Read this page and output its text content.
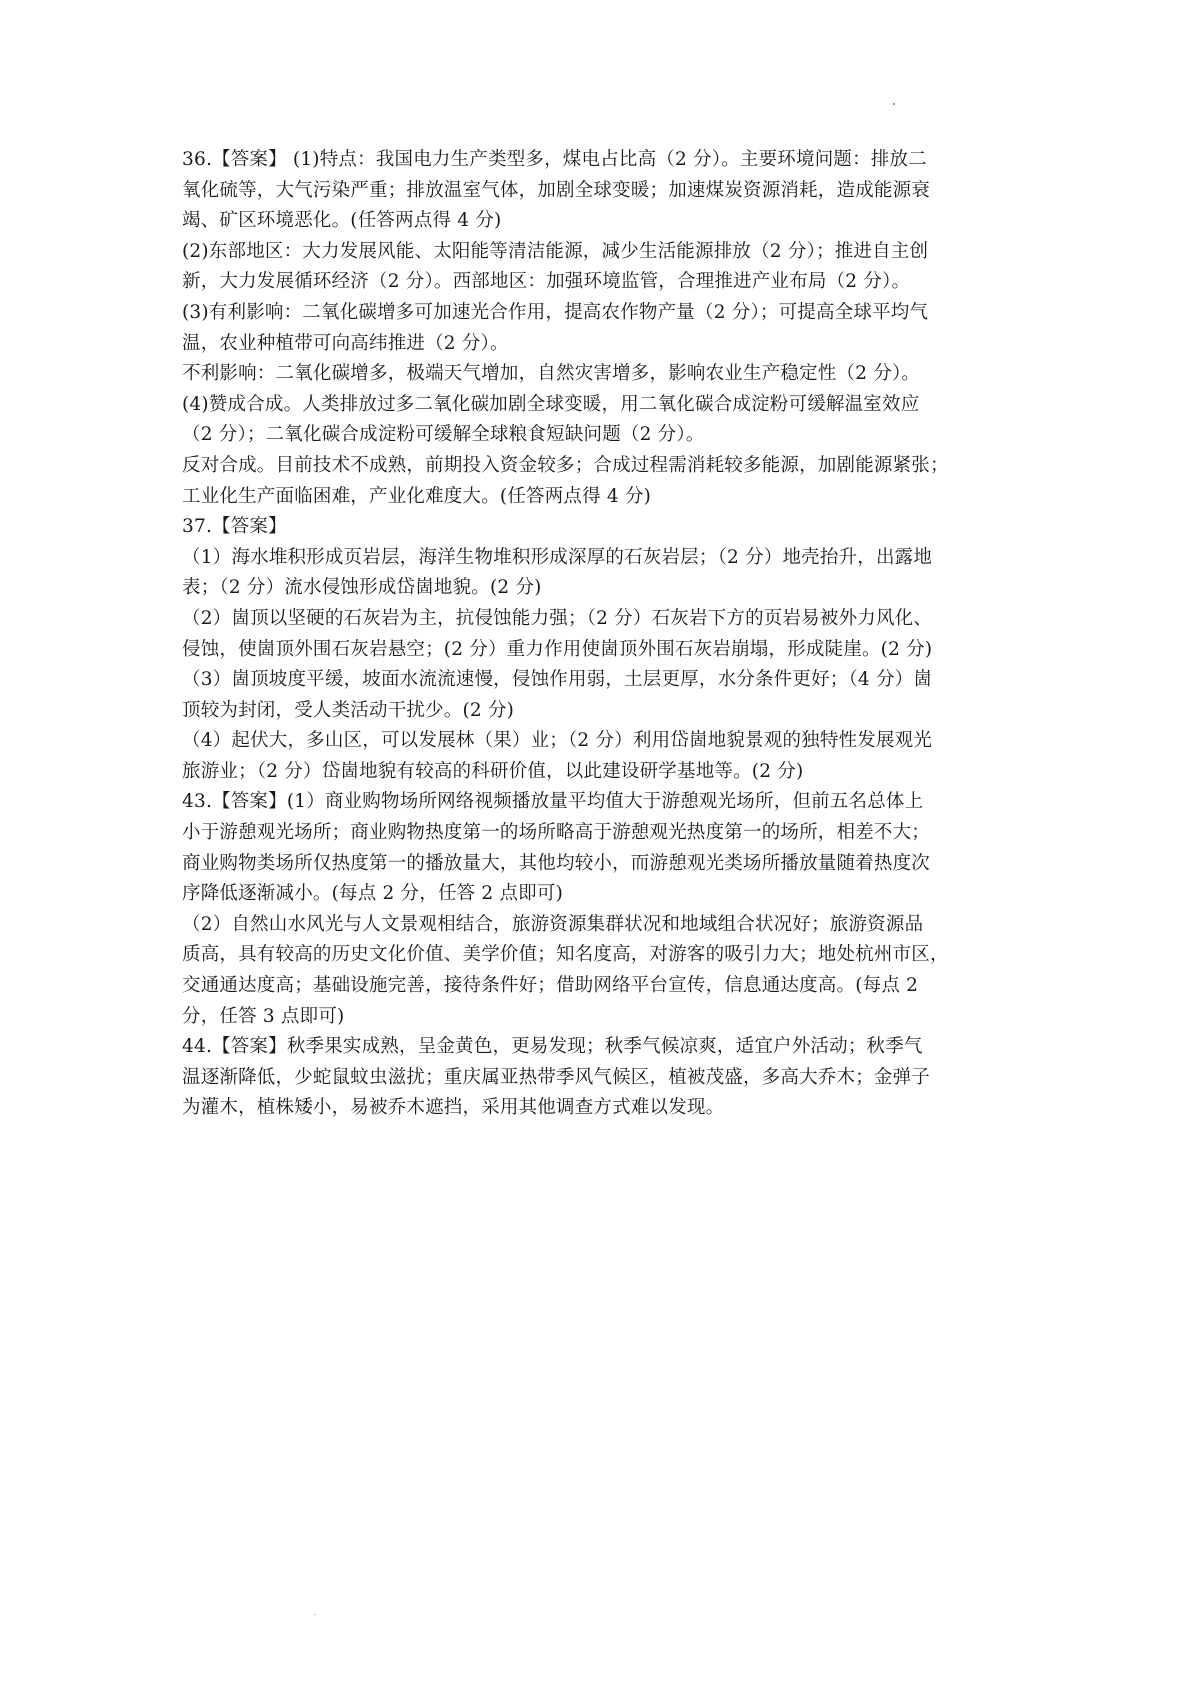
36.【答案】 (1)特点：我国电力生产类型多，煤电占比高（2 分）。主要环境问题：排放二
氧化硫等，大气污染严重；排放温室气体，加剧全球变暖；加速煤炭资源消耗，造成能源衰
竭、矿区环境恶化。(任答两点得 4 分)
(2)东部地区：大力发展风能、太阳能等清洁能源，减少生活能源排放（2 分）；推进自主创
新，大力发展循环经济（2 分）。西部地区：加强环境监管，合理推进产业布局（2 分）。
(3)有利影响：二氧化碳增多可加速光合作用，提高农作物产量（2 分）；可提高全球平均气
温，农业种植带可向高纬推进（2 分）。
不利影响：二氧化碳增多，极端天气增加，自然灾害增多，影响农业生产稳定性（2 分）。
(4)赞成合成。人类排放过多二氧化碳加剧全球变暖，用二氧化碳合成淀粉可缓解温室效应
（2 分）；二氧化碳合成淀粉可缓解全球粮食短缺问题（2 分）。
反对合成。目前技术不成熟，前期投入资金较多；合成过程需消耗较多能源，加剧能源紧张；
工业化生产面临困难，产业化难度大。(任答两点得 4 分)
37.【答案】
（1）海水堆积形成页岩层，海洋生物堆积形成深厚的石灰岩层；（2 分）地壳抬升，出露地
表；（2 分）流水侵蚀形成岱崮地貌。(2 分)
（2）崮顶以坚硬的石灰岩为主，抗侵蚀能力强；（2 分）石灰岩下方的页岩易被外力风化、
侵蚀，使崮顶外围石灰岩悬空；(2 分）重力作用使崮顶外围石灰岩崩塌，形成陡崖。(2 分)
（3）崮顶坡度平缓，坡面水流流速慢，侵蚀作用弱，土层更厚，水分条件更好；（4 分）崮
顶较为封闭，受人类活动干扰少。(2 分)
（4）起伏大，多山区，可以发展林（果）业；（2 分）利用岱崮地貌景观的独特性发展观光
旅游业；（2 分）岱崮地貌有较高的科研价值，以此建设研学基地等。(2 分)
43.【答案】(1）商业购物场所网络视频播放量平均值大于游憩观光场所，但前五名总体上
小于游憩观光场所；商业购物热度第一的场所略高于游憩观光热度第一的场所，相差不大；
商业购物类场所仅热度第一的播放量大，其他均较小，而游憩观光类场所播放量随着热度次
序降低逐渐减小。(每点 2 分，任答 2 点即可)
（2）自然山水风光与人文景观相结合，旅游资源集群状况和地域组合状况好；旅游资源品
质高，具有较高的历史文化价值、美学价值；知名度高，对游客的吸引力大；地处杭州市区，
交通通达度高；基础设施完善，接待条件好；借助网络平台宣传，信息通达度高。(每点 2
分，任答 3 点即可)
44.【答案】秋季果实成熟，呈金黄色，更易发现；秋季气候凉爽，适宜户外活动；秋季气
温逐渐降低，少蛇鼠蚊虫滋扰；重庆属亚热带季风气候区，植被茂盛，多高大乔木；金弹子
为灌木，植株矮小，易被乔木遮挡，采用其他调查方式难以发现。
